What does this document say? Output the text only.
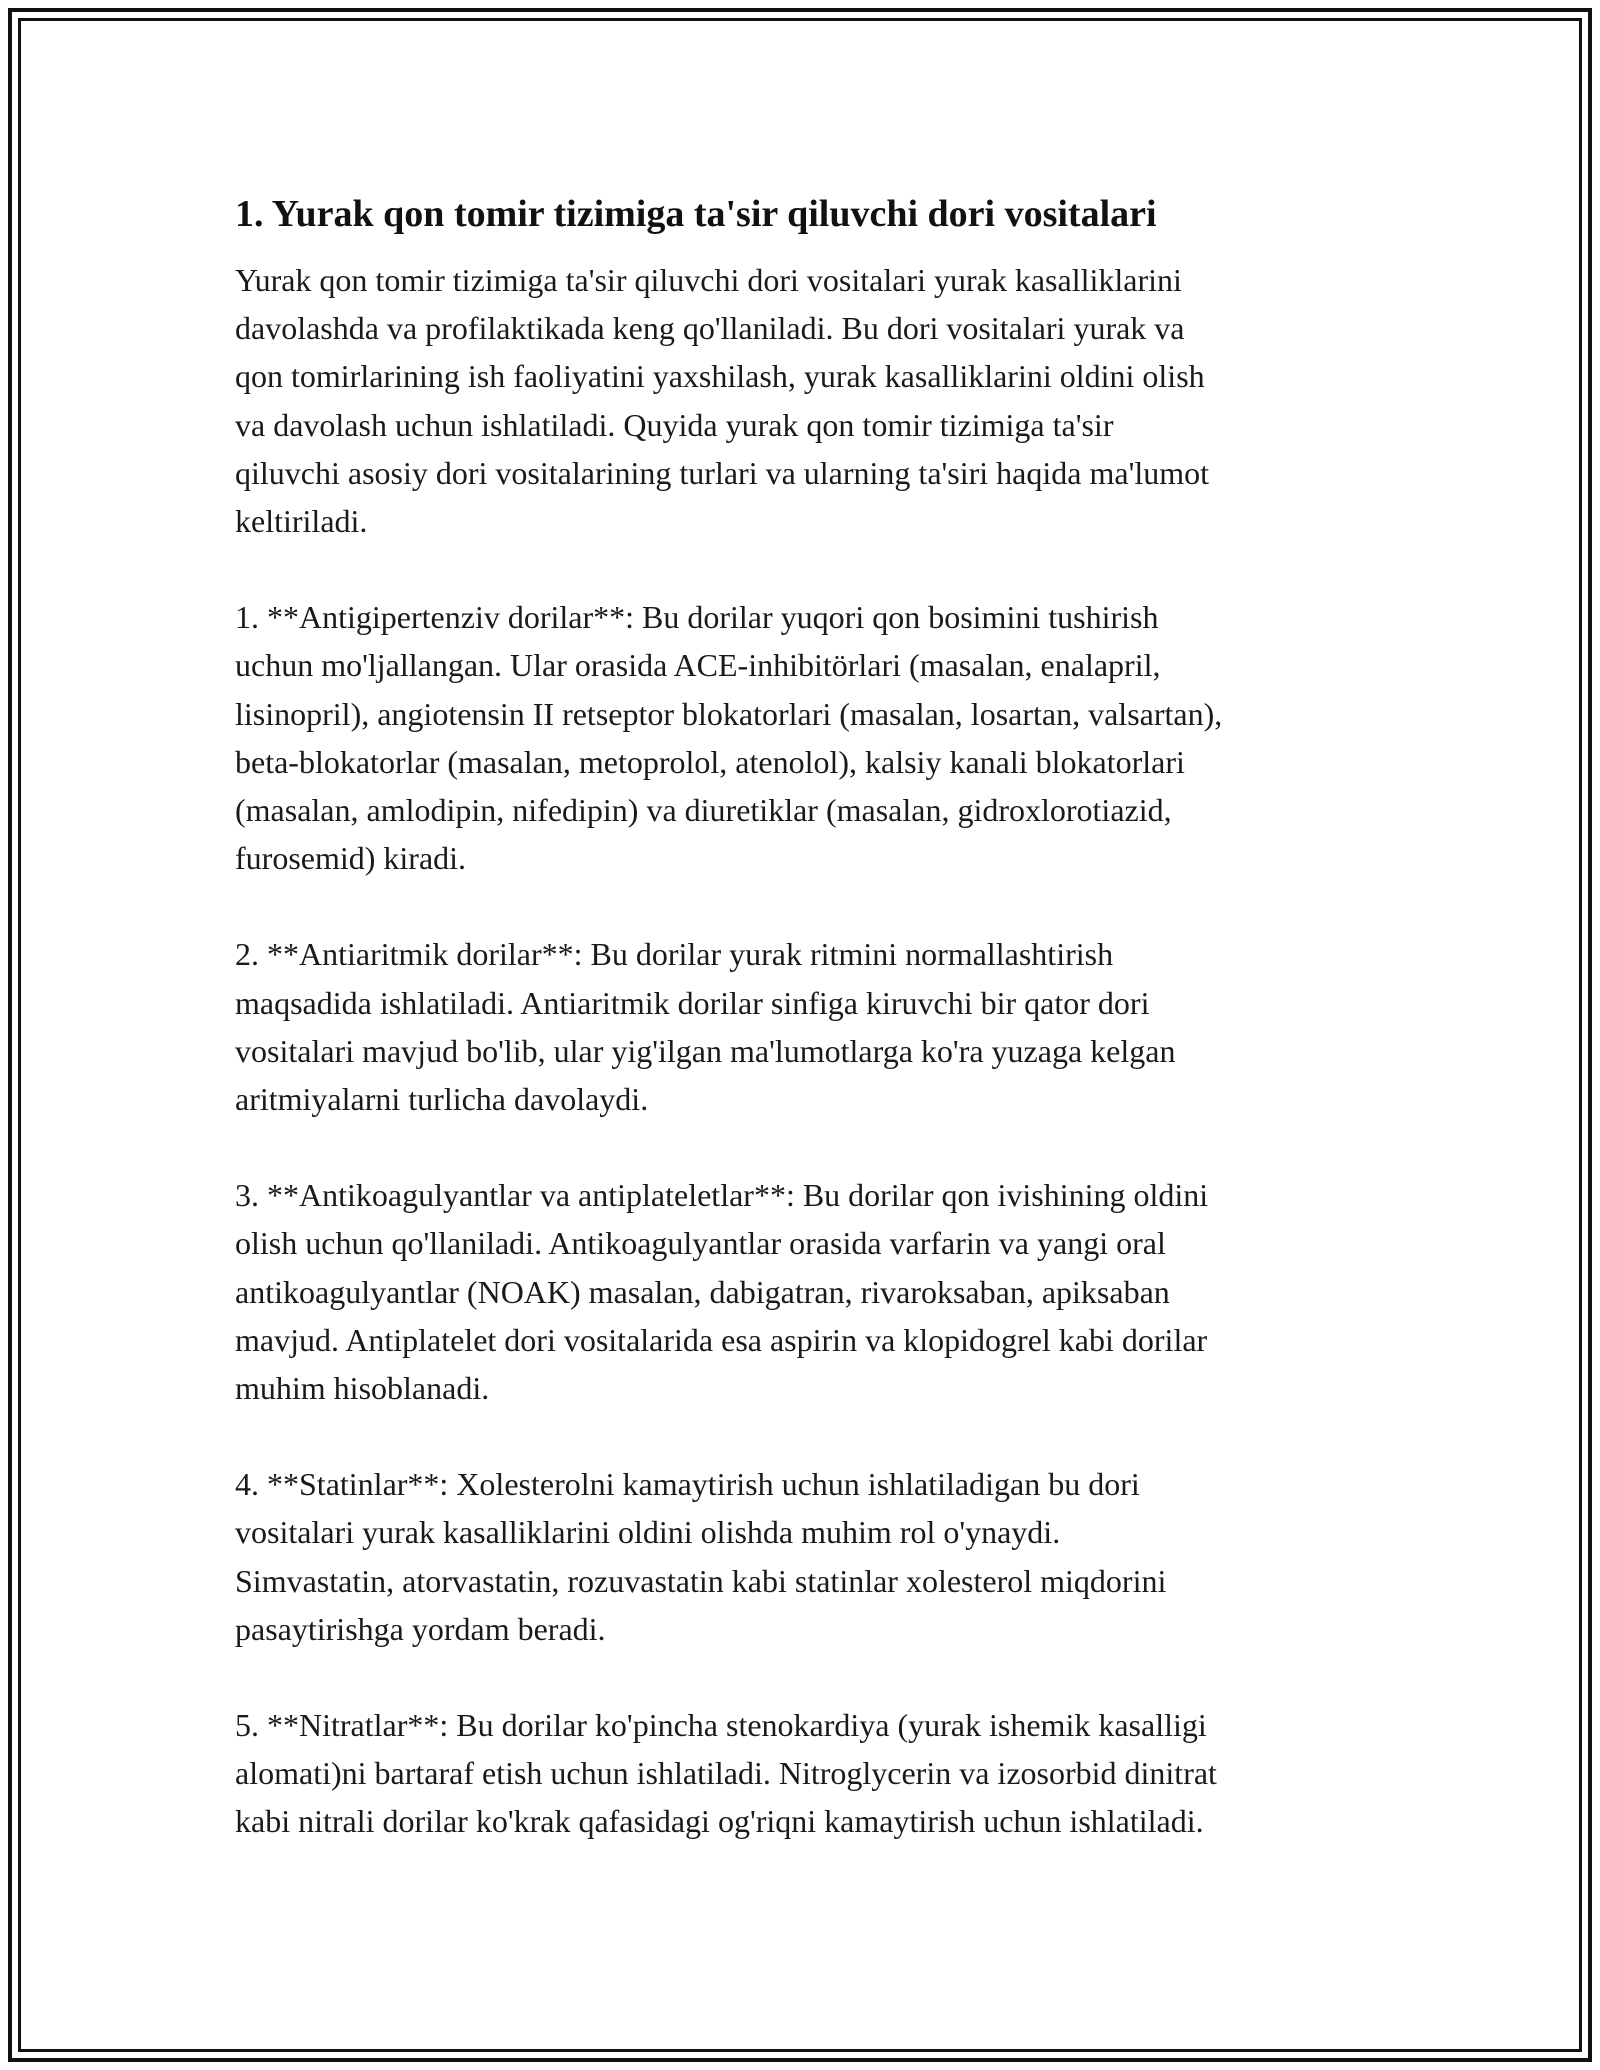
1. Yurak qon tomir tizimiga ta'sir qiluvchi dori vositalari

Yurak qon tomir tizimiga ta'sir qiluvchi dori vositalari yurak kasalliklarini
davolashda va profilaktikada keng qo'llaniladi. Bu dori vositalari yurak va
qon tomirlarining ish faoliyatini yaxshilash, yurak kasalliklarini oldini olish
va davolash uchun ishlatiladi. Quyida yurak qon tomir tizimiga ta'sir
qiluvchi asosiy dori vositalarining turlari va ularning ta'siri haqida ma'lumot
keltiriladi.

1. **Antigipertenziv dorilar**: Bu dorilar yuqori qon bosimini tushirish
uchun mo'ljallangan. Ular orasida ACE-inhibitörlari (masalan, enalapril,
lisinopril), angiotensin II retseptor blokatorlari (masalan, losartan, valsartan),
beta-blokatorlar (masalan, metoprolol, atenolol), kalsiy kanali blokatorlari
(masalan, amlodipin, nifedipin) va diuretiklar (masalan, gidroxlorotiazid,
furosemid) kiradi.

2. **Antiaritmik dorilar**: Bu dorilar yurak ritmini normallashtirish
maqsadida ishlatiladi. Antiaritmik dorilar sinfiga kiruvchi bir qator dori
vositalari mavjud bo'lib, ular yig'ilgan ma'lumotlarga ko'ra yuzaga kelgan
aritmiyalarni turlicha davolaydi.

3. **Antikoagulyantlar va antiplateletlar**: Bu dorilar qon ivishining oldini
olish uchun qo'llaniladi. Antikoagulyantlar orasida varfarin va yangi oral
antikoagulyantlar (NOAK) masalan, dabigatran, rivaroksaban, apiksaban
mavjud. Antiplatelet dori vositalarida esa aspirin va klopidogrel kabi dorilar
muhim hisoblanadi.

4. **Statinlar**: Xolesterolni kamaytirish uchun ishlatiladigan bu dori
vositalari yurak kasalliklarini oldini olishda muhim rol o'ynaydi.
Simvastatin, atorvastatin, rozuvastatin kabi statinlar xolesterol miqdorini
pasaytirishga yordam beradi.

5. **Nitratlar**: Bu dorilar ko'pincha stenokardiya (yurak ishemik kasalligi
alomati)ni bartaraf etish uchun ishlatiladi. Nitroglycerin va izosorbid dinitrat
kabi nitrali dorilar ko'krak qafasidagi og'riqni kamaytirish uchun ishlatiladi.
